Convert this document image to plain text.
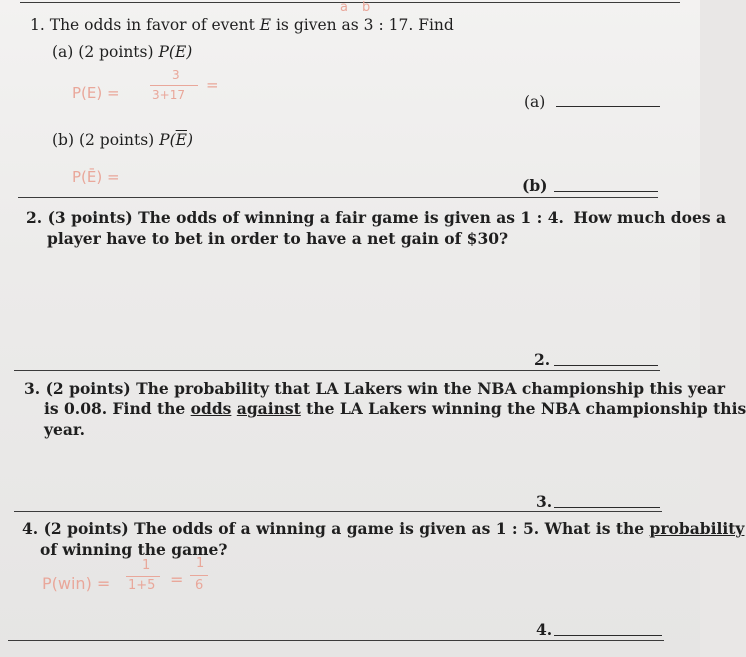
a b
1. The odds in favor of event E is given as 3 : 17. Find
(a) (2 points) P(E)
P(E) =
3
3+17
=
(a)
(b) (2 points) $P(\overline{E})$
P(Ē) =	(b)
2. (3 points) The odds of winning a fair game is given as 1 : 4. How much does a
player have to bet in order to have a net gain of $30?
2.
3. (2 points) The probability that LA Lakers win the NBA championship this year
is 0.08. Find the odds against the LA Lakers winning the NBA championship this
year.
3.
4. (2 points) The odds of a winning a game is given as 1 : 5. What is the probability
of winning the game?
P(win) =
1
1+5 =
1
6
4.
